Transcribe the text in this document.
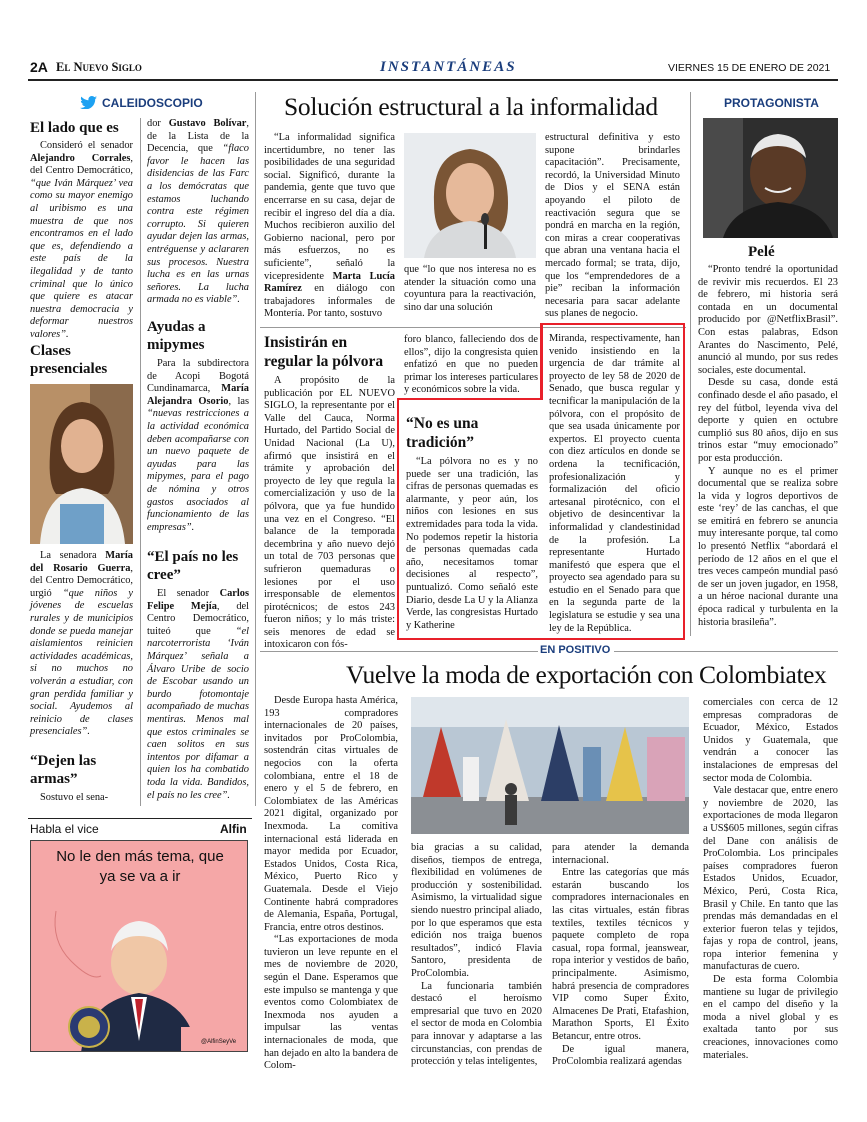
2A El Nuevo Siglo	INSTANTÁNEAS	VIERNES 15 DE ENERO DE 2021
CALEIDOSCOPIO
El lado que es

Consideró el senador Alejandro Corrales, del Centro Democrático, “que Iván Márquez’ vea como su mayor enemigo al uribismo es una muestra de que nos encontramos en el lado que es, defendiendo a este país de la ilegalidad y de tanto criminal que lo único que quiere es atacar nuestra democracia y deformar nuestros valores”.

Clases presenciales

La senadora María del Rosario Guerra, del Centro Democrático, urgió “que niños y jóvenes de escuelas rurales y de municipios donde se pueda manejar aislamientos reinicien actividades académicas, si no muchos no volverán a estudiar, con gran perdida familiar y social. Ayudemos al reinicio de clases presenciales”.

“Dejen las armas”

Sostuvo el sena-

dor Gustavo Bolívar, de la Lista de la Decencia, que “flaco favor le hacen las disidencias de las Farc a los demócratas que estamos luchando contra este régimen corrupto. Si quieren ayudar dejen las armas, entréguense y aclararen sus procesos. Nuestra lucha es en las urnas señores. La lucha armada no es viable”.

Ayudas a mipymes

Para la subdirectora de Acopi Bogotá Cundinamarca, María Alejandra Osorio, las “nuevas restricciones a la actividad económica deben acompañarse con un nuevo paquete de ayudas para las mipymes, para el pago de nómina y otros gastos asociados al funcionamiento de las empresas”.

“El país no les cree”

El senador Carlos Felipe Mejía, del Centro Democrático, tuiteó que “el narcoterrorista ‘Iván Márquez’ señala a Álvaro Uribe de socio de Escobar usando un burdo fotomontaje acompañado de muchas mentiras. Menos mal que estos criminales se caen solitos en sus intentos por difamar a quien los ha combatido toda la vida. Bandidos, el país no les cree”.

Habla el vice	Alfin
No le den más tema, que ya se va a ir
@AlfinSeyVe
Solución estructural a la informalidad

“La informalidad significa incertidumbre, no tener las posibilidades de una seguridad social. Significó, durante la pandemia, gente que tuvo que encerrarse en su casa, dejar de recibir el ingreso del día a día. Muchos recibieron auxilio del Gobierno nacional, pero por más esfuerzos, no es suficiente”, señaló la vicepresidente Marta Lucía Ramírez en diálogo con trabajadores informales de Montería. Por tanto, sostuvo

que “lo que nos interesa no es atender la situación como una coyuntura para la reactivación, sino dar una solución

estructural definitiva y esto supone brindarles capacitación”. Precisamente, recordó, la Universidad Minuto de Dios y el SENA están apoyando el piloto de reactivación segura que se pondrá en marcha en la región, con miras a crear cooperativas que abran una ventana hacia el mercado formal; se trata, dijo, que los “emprendedores de a pie” reciban la información necesaria para sacar adelante sus planes de negocio.

Insistirán en regular la pólvora

A propósito de la publicación por EL NUEVO SIGLO, la representante por el Valle del Cauca, Norma Hurtado, del Partido Social de Unidad Nacional (La U), afirmó que insistirá en el trámite y aprobación del proyecto de ley que regula la comercialización y uso de la pólvora, que ya fue hundido una vez en el Congreso. “El balance de la temporada decembrina y año nuevo dejó un total de 703 personas que sufrieron quemaduras o lesiones por el uso irresponsable de elementos pirotécnicos; de estos 243 fueron niños; y lo más triste: seis menores de edad se intoxicaron con fós-

foro blanco, falleciendo dos de ellos”, dijo la congresista quien enfatizó en que no pueden primar los intereses particulares y económicos sobre la vida.

“No es una tradición”

“La pólvora no es y no puede ser una tradición, las cifras de personas quemadas es alarmante, y peor aún, los niños con lesiones en sus extremidades para toda la vida. No podemos repetir la historia de personas quemadas cada año, necesitamos tomar decisiones al respecto”, puntualizó. Como señaló este Diario, desde La U y la Alianza Verde, las congresistas Hurtado y Katherine

Miranda, respectivamente, han venido insistiendo en la urgencia de dar trámite al proyecto de ley 58 de 2020 de Senado, que busca regular y tecnificar la manipulación de la pólvora, con el propósito de que sea usada únicamente por expertos. El proyecto cuenta con diez artículos en donde se ordena la tecnificación, profesionalización y formalización del oficio artesanal pirotécnico, con el objetivo de desincentivar la informalidad y clandestinidad de la profesión. La representante Hurtado manifestó que espera que el proyecto sea agendado para su estudio en el Senado para que en la segunda parte de la legislatura se estudie y sea una ley de la República.

PROTAGONISTA
Pelé

“Pronto tendré la oportunidad de revivir mis recuerdos. El 23 de febrero, mi historia será contada en un documental producido por @NetflixBrasil”. Con estas palabras, Edson Arantes do Nascimento, Pelé, anunció al mundo, por sus redes sociales, este documental.

Desde su casa, donde está confinado desde el año pasado, el rey del fútbol, leyenda viva del deporte y quien en octubre cumplió sus 80 años, dijo en sus trinos estar “muy emocionado” por esta producción.

Y aunque no es el primer documental que se realiza sobre la vida y logros deportivos de este ‘rey’ de las canchas, el que se emitirá en febrero se anuncia muy interesante porque, tal como lo presentó Netflix “abordará el período de 12 años en el que el tres veces campeón mundial pasó de ser un joven jugador, en 1958, a un héroe nacional durante una época radical y turbulenta en la historia brasileña”.

EN POSITIVO
Vuelve la moda de exportación con Colombiatex

Desde Europa hasta América, 193 compradores internacionales de 20 países, invitados por ProColombia, sostendrán citas virtuales de negocios con la oferta colombiana, entre el 18 de enero y el 5 de febrero, en Colombiatex de las Américas 2021 digital, organizado por Inexmoda. La comitiva internacional está liderada en mayor medida por Ecuador, Estados Unidos, Costa Rica, México, Puerto Rico y Guatemala. Desde el Viejo Continente habrá compradores de Alemania, España, Portugal, Francia, entre otros destinos.

“Las exportaciones de moda tuvieron un leve repunte en el mes de noviembre de 2020, según el Dane. Esperamos que este impulso se mantenga y que eventos como Colombiatex de Inexmoda nos ayuden a impulsar las ventas internacionales de moda, que han dejado en alto la bandera de Colom-

bia gracias a su calidad, diseños, tiempos de entrega, flexibilidad en volúmenes de producción y sostenibilidad. Asimismo, la virtualidad sigue siendo nuestro principal aliado, por lo que esperamos que esta edición nos traiga buenos resultados”, indicó Flavia Santoro, presidenta de ProColombia.

La funcionaria también destacó el heroísmo empresarial que tuvo en 2020 el sector de moda en Colombia para innovar y adaptarse a las circunstancias, con prendas de protección y telas inteligentes,

para atender la demanda internacional.

Entre las categorías que más estarán buscando los compradores internacionales en las citas virtuales, están fibras textiles, textiles técnicos y paquete completo de ropa casual, ropa formal, jeanswear, ropa interior y vestidos de baño, principalmente. Asimismo, habrá presencia de compradores VIP como Super Éxito, Almacenes De Prati, Etafashion, Marathon Sports, El Éxito Betancur, entre otros.

De igual manera, ProColombia realizará agendas

comerciales con cerca de 12 empresas compradoras de Ecuador, México, Estados Unidos y Guatemala, que vendrán a conocer las instalaciones de empresas del sector moda de Colombia.

Vale destacar que, entre enero y noviembre de 2020, las exportaciones de moda llegaron a US$605 millones, según cifras del Dane con análisis de ProColombia. Los principales países compradores fueron Estados Unidos, Ecuador, México, Perú, Costa Rica, Brasil y Chile. En tanto que las prendas más demandadas en el exterior fueron telas y tejidos, fajas y ropa de control, jeans, ropa interior femenina y manufacturas de cuero.

De esta forma Colombia mantiene su lugar de privilegio en el campo del diseño y la moda a nivel global y es exaltada tanto por sus creaciones, innovaciones como materiales.
